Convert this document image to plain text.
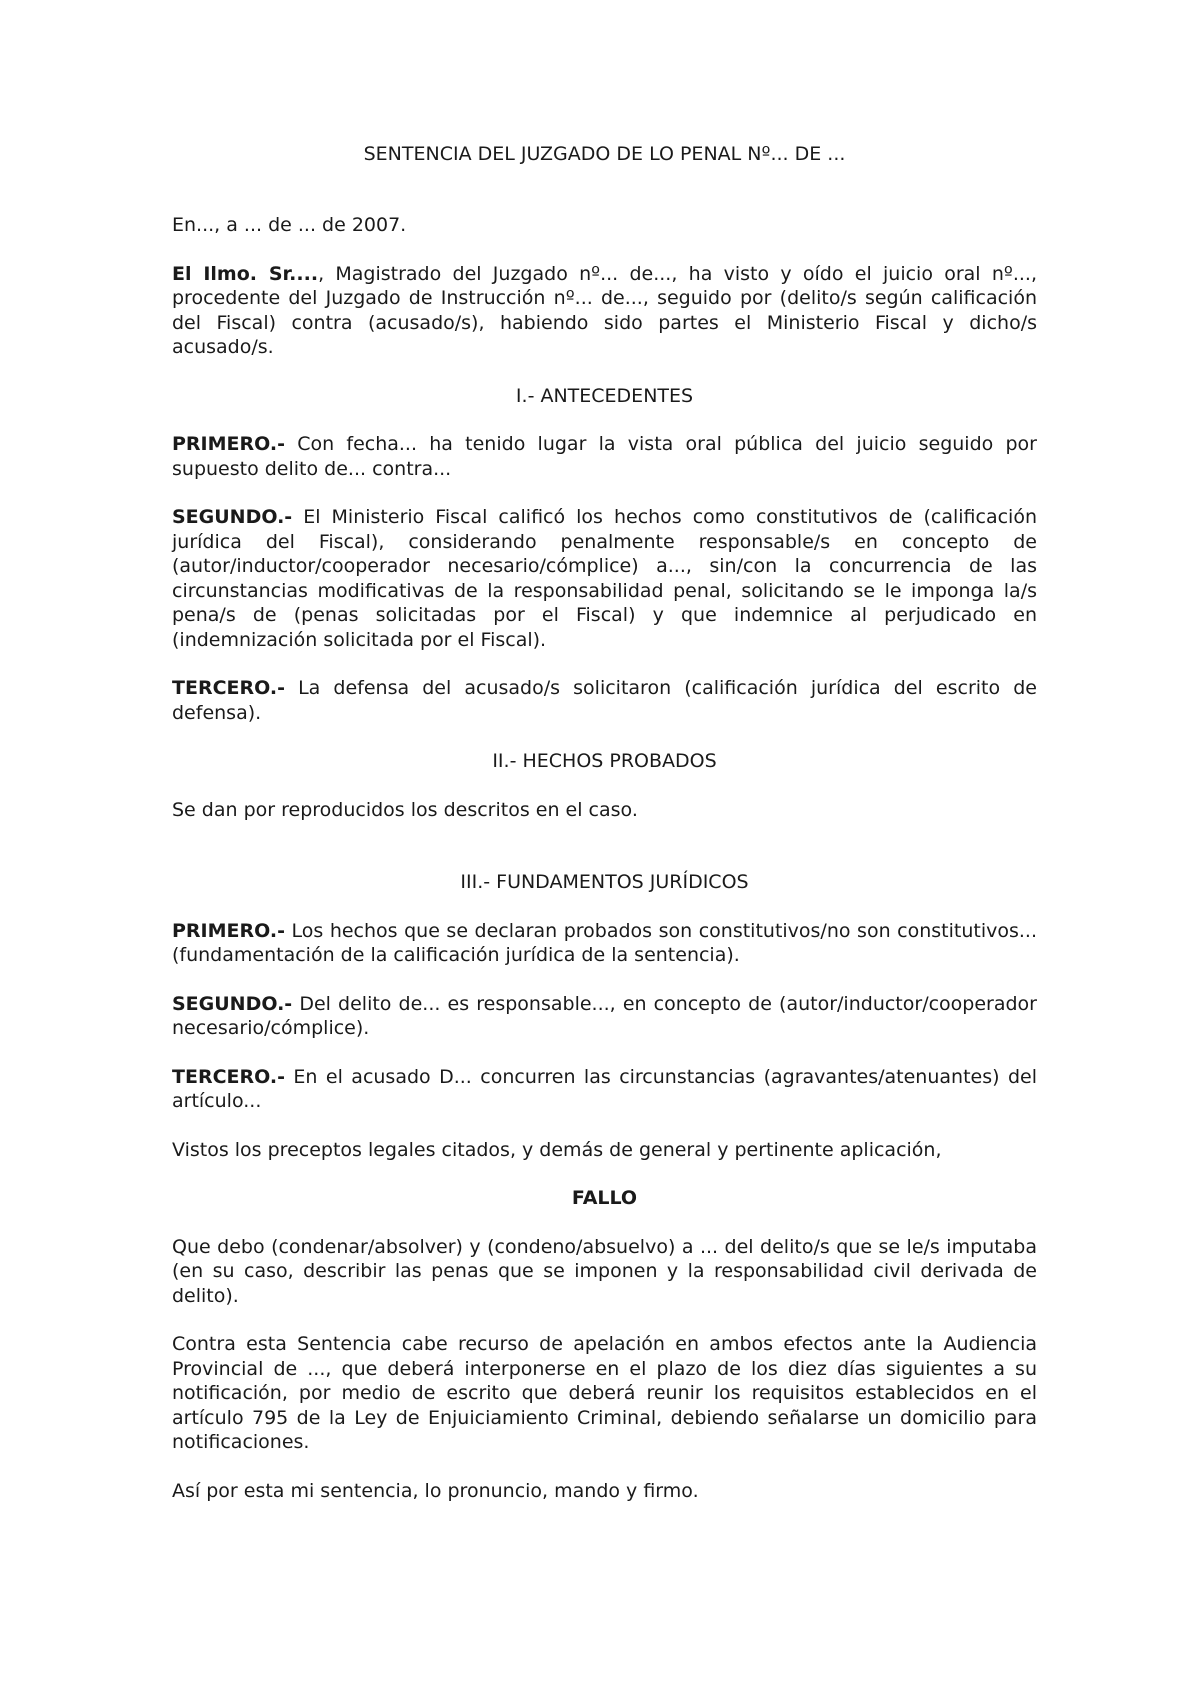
SENTENCIA DEL JUZGADO DE LO PENAL Nº... DE ...

En..., a ... de ... de 2007.

El Ilmo. Sr...., Magistrado del Juzgado nº... de..., ha visto y oído el juicio oral nº..., procedente del Juzgado de Instrucción nº... de..., seguido por (delito/s según calificación del Fiscal) contra (acusado/s), habiendo sido partes el Ministerio Fiscal y dicho/s acusado/s.

I.- ANTECEDENTES

PRIMERO.- Con fecha... ha tenido lugar la vista oral pública del juicio seguido por supuesto delito de... contra...

SEGUNDO.- El Ministerio Fiscal calificó los hechos como constitutivos de (calificación jurídica del Fiscal), considerando penalmente responsable/s en concepto de (autor/inductor/cooperador necesario/cómplice) a..., sin/con la concurrencia de las circunstancias modificativas de la responsabilidad penal, solicitando se le imponga la/s pena/s de (penas solicitadas por el Fiscal) y que indemnice al perjudicado en (indemnización solicitada por el Fiscal).

TERCERO.- La defensa del acusado/s solicitaron (calificación jurídica del escrito de defensa).

II.- HECHOS PROBADOS

Se dan por reproducidos los descritos en el caso.

III.- FUNDAMENTOS JURÍDICOS

PRIMERO.- Los hechos que se declaran probados son constitutivos/no son constitutivos... (fundamentación de la calificación jurídica de la sentencia).

SEGUNDO.- Del delito de... es responsable..., en concepto de (autor/inductor/cooperador necesario/cómplice).

TERCERO.- En el acusado D... concurren las circunstancias (agravantes/atenuantes) del artículo...

Vistos los preceptos legales citados, y demás de general y pertinente aplicación,

FALLO

Que debo (condenar/absolver) y (condeno/absuelvo) a ... del delito/s que se le/s imputaba (en su caso, describir las penas que se imponen y la responsabilidad civil derivada de delito).

Contra esta Sentencia cabe recurso de apelación en ambos efectos ante la Audiencia Provincial de ..., que deberá interponerse en el plazo de los diez días siguientes a su notificación, por medio de escrito que deberá reunir los requisitos establecidos en el artículo 795 de la Ley de Enjuiciamiento Criminal, debiendo señalarse un domicilio para notificaciones.

Así por esta mi sentencia, lo pronuncio, mando y firmo.
